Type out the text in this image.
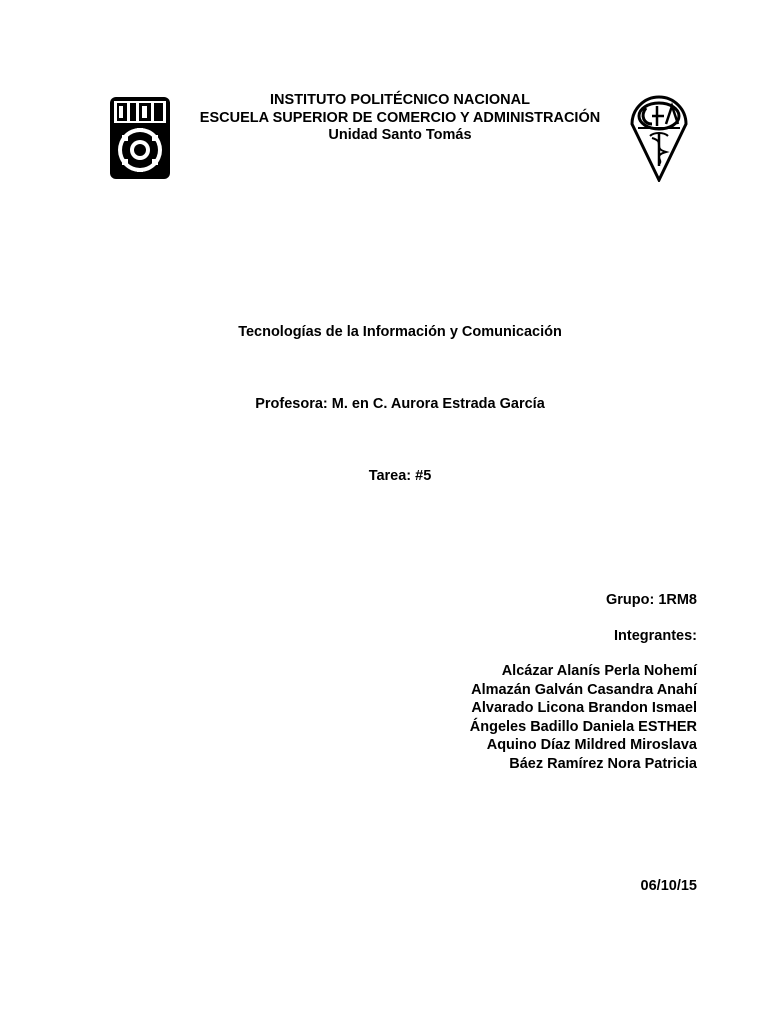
INSTITUTO POLITÉCNICO NACIONAL
ESCUELA SUPERIOR DE COMERCIO Y ADMINISTRACIÓN
Unidad Santo Tomás
Tecnologías de la Información y Comunicación
Profesora: M. en C. Aurora Estrada García
Tarea: #5
Grupo: 1RM8
Integrantes:
Alcázar Alanís Perla Nohemí
Almazán Galván Casandra Anahí
Alvarado Licona Brandon Ismael
Ángeles Badillo Daniela ESTHER
Aquino Díaz Mildred Miroslava
Báez Ramírez Nora Patricia
06/10/15
